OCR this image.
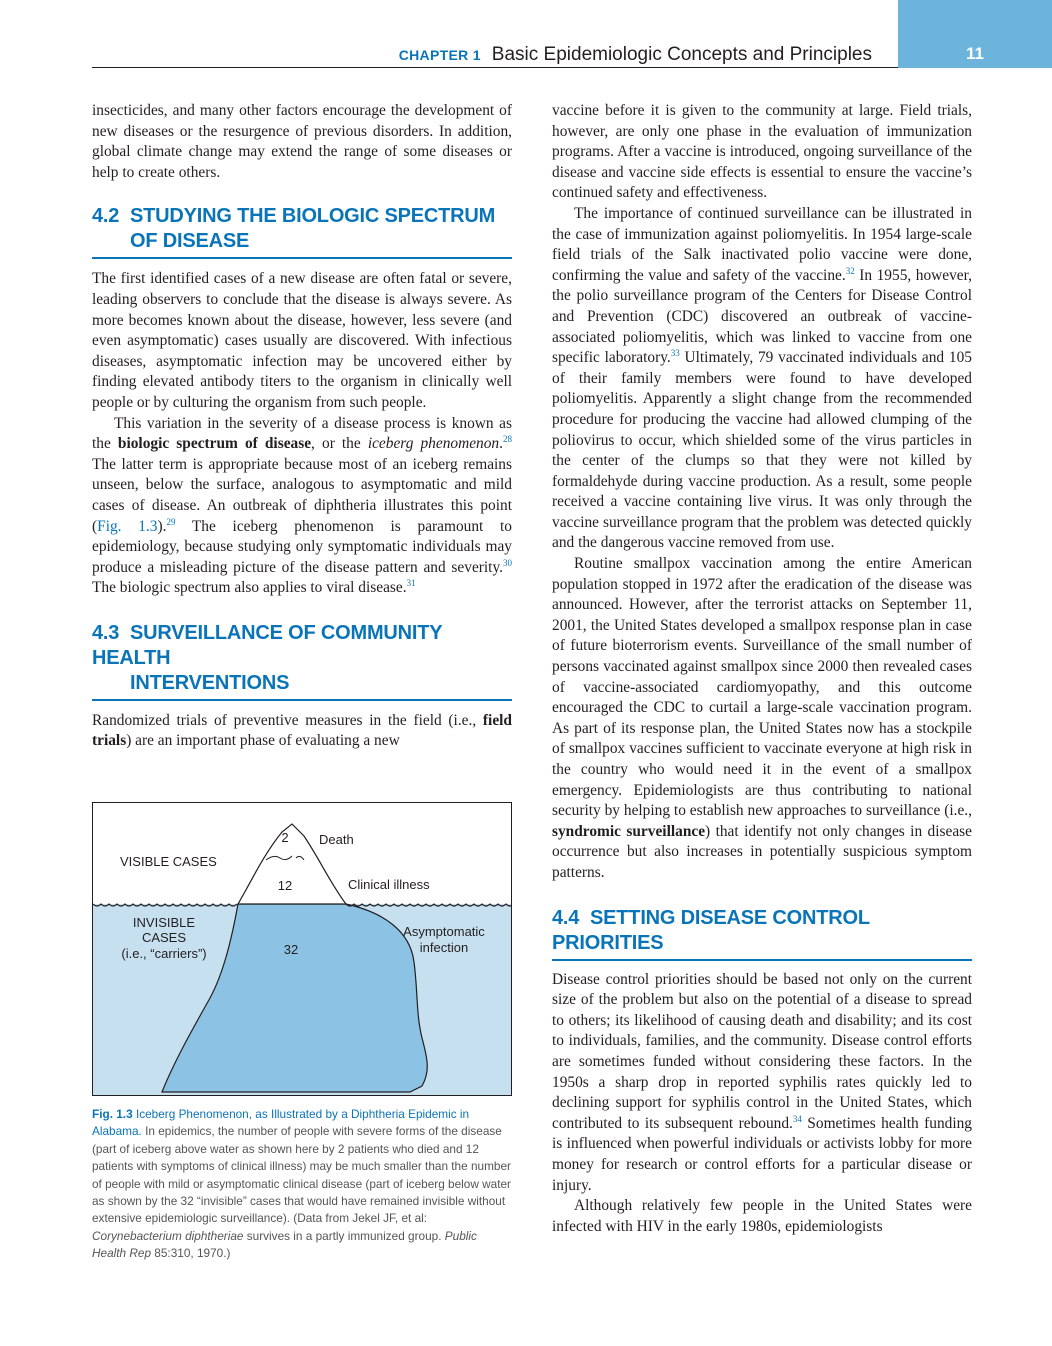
CHAPTER 1 Basic Epidemiologic Concepts and Principles	11

insecticides, and many other factors encourage the development of new diseases or the resurgence of previous disorders. In addition, global climate change may extend the range of some diseases or help to create others.

4.2 STUDYING THE BIOLOGIC SPECTRUM
OF DISEASE

The first identified cases of a new disease are often fatal or severe, leading observers to conclude that the disease is always severe. As more becomes known about the disease, however, less severe (and even asymptomatic) cases usually are discovered. With infectious diseases, asymptomatic infection may be uncovered either by finding elevated antibody titers to the organism in clinically well people or by culturing the organism from such people.

This variation in the severity of a disease process is known as the biologic spectrum of disease, or the iceberg phenomenon.$^{28}$ The latter term is appropriate because most of an iceberg remains unseen, below the surface, analogous to asymptomatic and mild cases of disease. An outbreak of diphtheria illustrates this point (Fig. 1.3).$^{29}$ The iceberg phenomenon is paramount to epidemiology, because studying only symptomatic individuals may produce a misleading picture of the disease pattern and severity.$^{30}$ The biologic spectrum also applies to viral disease.$^{31}$

4.3 SURVEILLANCE OF COMMUNITY HEALTH
INTERVENTIONS

Randomized trials of preventive measures in the field (i.e., field trials) are an important phase of evaluating a new

VISIBLE CASES
2 Death
12	Clinical illness
INVISIBLE
CASES
(i.e., “carriers”)	32
Asymptomatic
infection
Fig. 1.3 Iceberg Phenomenon, as Illustrated by a Diphtheria Epidemic in Alabama. In epidemics, the number of people with severe forms of the disease (part of iceberg above water as shown here by 2 patients who died and 12 patients with symptoms of clinical illness) may be much smaller than the number of people with mild or asymptomatic clinical disease (part of iceberg below water as shown by the 32 “invisible” cases that would have remained invisible without extensive epidemiologic surveillance). (Data from Jekel JF, et al: Corynebacterium diphtheriae survives in a partly immunized group. Public Health Rep 85:310, 1970.)

vaccine before it is given to the community at large. Field trials, however, are only one phase in the evaluation of immunization programs. After a vaccine is introduced, ongoing surveillance of the disease and vaccine side effects is essential to ensure the vaccine’s continued safety and effectiveness.

The importance of continued surveillance can be illustrated in the case of immunization against poliomyelitis. In 1954 large-scale field trials of the Salk inactivated polio vaccine were done, confirming the value and safety of the vaccine.$^{32}$ In 1955, however, the polio surveillance program of the Centers for Disease Control and Prevention (CDC) discovered an outbreak of vaccine-associated poliomyelitis, which was linked to vaccine from one specific laboratory.$^{33}$ Ultimately, 79 vaccinated individuals and 105 of their family members were found to have developed poliomyelitis. Apparently a slight change from the recommended procedure for producing the vaccine had allowed clumping of the poliovirus to occur, which shielded some of the virus particles in the center of the clumps so that they were not killed by formaldehyde during vaccine production. As a result, some people received a vaccine containing live virus. It was only through the vaccine surveillance program that the problem was detected quickly and the dangerous vaccine removed from use.

Routine smallpox vaccination among the entire American population stopped in 1972 after the eradication of the disease was announced. However, after the terrorist attacks on September 11, 2001, the United States developed a smallpox response plan in case of future bioterrorism events. Surveillance of the small number of persons vaccinated against smallpox since 2000 then revealed cases of vaccine-associated cardiomyopathy, and this outcome encouraged the CDC to curtail a large-scale vaccination program. As part of its response plan, the United States now has a stockpile of smallpox vaccines sufficient to vaccinate everyone at high risk in the country who would need it in the event of a smallpox emergency. Epidemiologists are thus contributing to national security by helping to establish new approaches to surveillance (i.e., syndromic surveillance) that identify not only changes in disease occurrence but also increases in potentially suspicious symptom patterns.

4.4 SETTING DISEASE CONTROL PRIORITIES

Disease control priorities should be based not only on the current size of the problem but also on the potential of a disease to spread to others; its likelihood of causing death and disability; and its cost to individuals, families, and the community. Disease control efforts are sometimes funded without considering these factors. In the 1950s a sharp drop in reported syphilis rates quickly led to declining support for syphilis control in the United States, which contributed to its subsequent rebound.$^{34}$ Sometimes health funding is influenced when powerful individuals or activists lobby for more money for research or control efforts for a particular disease or injury.

Although relatively few people in the United States were infected with HIV in the early 1980s, epidemiologists
